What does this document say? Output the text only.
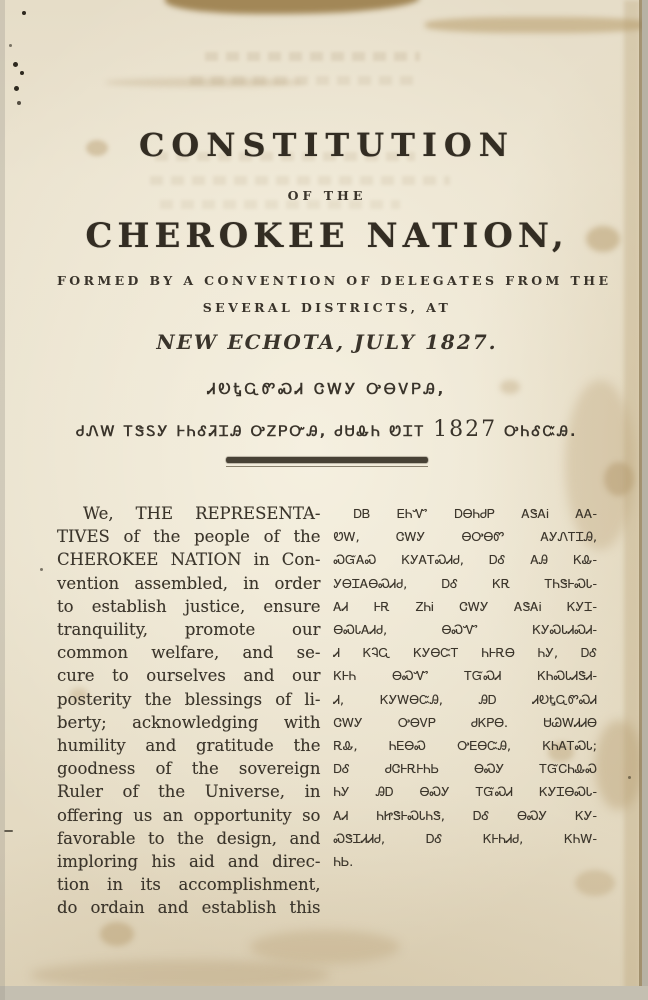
CONSTITUTION
OF THE
CHEROKEE NATION,
FORMED BY A CONVENTION OF DELEGATES FROM THE
SEVERAL DISTRICTS, AT
NEW ECHOTA, JULY 1827.
ᏗᎧᎿᏩᏛᏍᏗ ᏣᎳᎩ ᎤᎾᏙᏢᎯ,
ᏧᏁᎳ ᎢᏕᏚᎩ ᎰᏂᎴᏘᏆᎯ ᎤᏃᏢᏅᎯ, ᏧᏌᎲᏂ ᏬᏆᎢ 1827 ᎤᏂᎴᏨᎯ.
We, THE REPRESENTA-
TIVES of the people of the
CHEROKEE NATION in Con-
vention assembled, in order
to establish justice, ensure
tranquility, promote our
common welfare, and se-
cure to ourselves and our
posterity the blessings of li-
berty; acknowledging with
humility and gratitude the
goodness of the sovereign
Ruler of the Universe, in
offering us an opportunity so
favorable to the design, and
imploring his aid and direc-
tion in its accomplishment,
do ordain and establish this
ᎠᏴ ᎬᏂᏉ ᎠᎾᏂᏧᏢ ᎪᏕᎪᎥ ᎪᎪ-
ᏬᎳ, ᏣᎳᎩ ᎾᎤᎾᏛ ᎪᎩᏁᎢᏆᎯ,
ᏍᏳᎪᏍ ᏦᎩᎪᎢᏍᏗᏧ, ᎠᎴ ᎪᎯ ᏦᎲ-
ᎩᎾᏆᎪᎾᏍᏗᏧ, ᎠᎴ ᏦᎡ ᎢᏂᏕᎰᏍᏓ-
ᎪᏗ ᎰᎡ ᏃᏂᎥ ᏣᎳᎩ ᎪᏕᎪᎥ ᏦᎩᏆ-
ᎾᏍᏓᎪᏗᏧ, ᎾᏍᏉ ᏦᎩᏍᏓᏗᏍᏗ-
Ꮧ ᏦᎸᏩ ᏦᎩᎾᏨᎢ ᏂᎰᎡᎾ ᏂᎩ, ᎠᎴ
ᏦᎰᏂ ᎾᏍᏉ ᎢᏳᏍᏗ ᏦᏂᏍᏓᏗᏕᏗ-
Ꮧ, ᏦᎩᎳᎾᏨᎯ, ᎯᎠ ᏗᎧᎿᏩᏛᏍᏗ
ᏣᎳᎩ ᎤᎾᏙᏢ ᏧᏦᏢᎾ. ᏌᏊᎳᏗᏗᎾ
ᎡᎲ, ᏂᎬᎾᏍ ᎤᎬᎾᏨᎯ, ᏦᏂᎪᎢᏍᏓ;
ᎠᎴ ᏧᏣᎰᎡᎰᏂᏏ ᎾᏍᎩ ᎢᏳᏟᏂᎲᏍ
ᏂᎩ ᎯᎠ ᎾᏍᎩ ᎢᏳᏍᏗ ᏦᎩᏆᎾᏍᏓ-
ᎪᏗ ᏂᏥᏕᎰᏍᏓᏂᏕ, ᎠᎴ ᎾᏍᎩ ᏦᎩ-
ᏍᏕᏆᏗᏗᏧ, ᎠᎴ ᏦᎰᏂᏗᏧ, ᏦᏂᎳ-
ᏂᏏ.
